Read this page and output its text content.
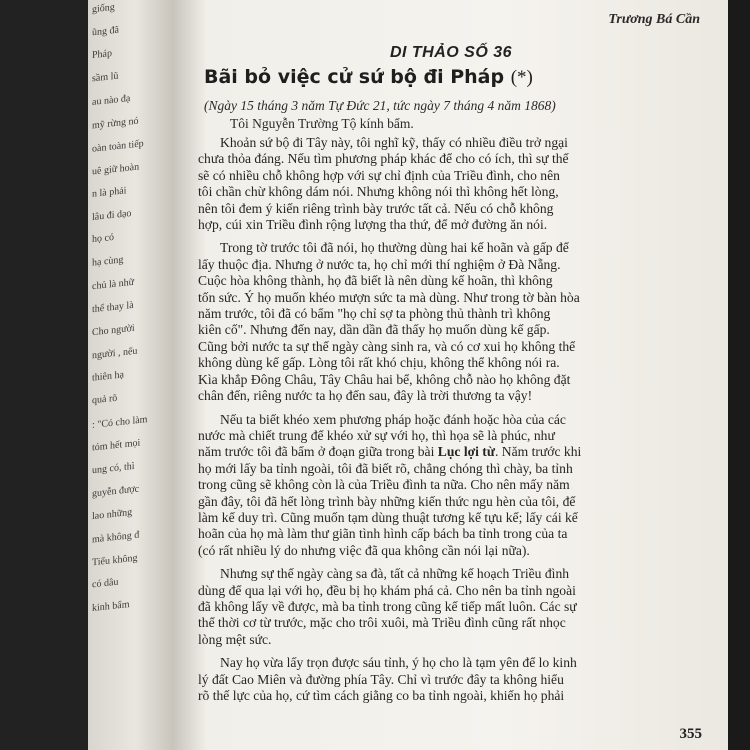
giống
ũng đã
Pháp
sầm lũ
au nào đạ
mỹ rừng nó
oàn toàn tiếp
uê giữ hoàn
n là phải
lâu đi dạo
họ có
hạ cùng
chủ là nhữ
thể thay là
Cho người
người , nếu
thiên hạ
quả rõ
: "Có cho làm
tóm hết mọi
ung có, thì
guyễn được
lao những
mà không đ
Tiểu không
có dâu
kinh bẩm
Trương Bá Cần
DI THẢO SỐ 36
Bãi bỏ việc cử sứ bộ đi Pháp (*)
(Ngày 15 tháng 3 năm Tự Đức 21, tức ngày 7 tháng 4 năm 1868)
Tôi Nguyễn Trường Tộ kính bẩm.
Khoản sứ bộ đi Tây này, tôi nghĩ kỹ, thấy có nhiều điều trở ngại
chưa thỏa đáng. Nếu tìm phương pháp khác để cho có ích, thì sự thế
sẽ có nhiều chỗ không hợp với sự chỉ định của Triều đình, cho nên
tôi chần chừ không dám nói. Nhưng không nói thì không hết lòng,
nên tôi đem ý kiến riêng trình bày trước tất cả. Nếu có chỗ không
hợp, cúi xin Triều đình rộng lượng tha thứ, để mở đường ăn nói.
Trong tờ trước tôi đã nói, họ thường dùng hai kế hoãn và gấp để
lấy thuộc địa. Nhưng ở nước ta, họ chỉ mới thí nghiệm ở Đà Nẵng.
Cuộc hòa không thành, họ đã biết là nên dùng kế hoãn, thì không
tốn sức. Ý họ muốn khéo mượn sức ta mà dùng. Như trong tờ bàn hòa
năm trước, tôi đã có bẩm "họ chỉ sợ ta phòng thủ thành trì không
kiên cố". Nhưng đến nay, dần dần đã thấy họ muốn dùng kế gấp.
Cũng bởi nước ta sự thế ngày càng sinh ra, và có cơ xui họ không thể
không dùng kế gấp. Lòng tôi rất khó chịu, không thể không nói ra.
Kìa khắp Đông Châu, Tây Châu hai bể, không chỗ nào họ không đặt
chân đến, riêng nước ta họ đến sau, đây là trời thương ta vậy!
Nếu ta biết khéo xem phương pháp hoặc đánh hoặc hòa của các
nước mà chiết trung để khéo xử sự với họ, thì họa sẽ là phúc, như
năm trước tôi đã bẩm ở đoạn giữa trong bài Lục lợi từ. Năm trước khi
họ mới lấy ba tỉnh ngoài, tôi đã biết rõ, chẳng chóng thì chày, ba tỉnh
trong cũng sẽ không còn là của Triều đình ta nữa. Cho nên mấy năm
gần đây, tôi đã hết lòng trình bày những kiến thức ngu hèn của tôi, để
làm kế duy trì. Cũng muốn tạm dùng thuật tương kế tựu kế; lấy cái kế
hoãn của họ mà làm thư giãn tình hình cấp bách ba tỉnh trong của ta
(có rất nhiều lý do nhưng việc đã qua không cần nói lại nữa).
Nhưng sự thế ngày càng sa đà, tất cả những kế hoạch Triều đình
dùng để qua lại với họ, đều bị họ khám phá cả. Cho nên ba tỉnh ngoài
đã không lấy về được, mà ba tỉnh trong cũng kế tiếp mất luôn. Các sự
thể thời cơ từ trước, mặc cho trôi xuôi, mà Triều đình cũng rất nhọc
lòng mệt sức.
Nay họ vừa lấy trọn được sáu tỉnh, ý họ cho là tạm yên để lo kinh
lý đất Cao Miên và đường phía Tây. Chỉ vì trước đây ta không hiểu
rõ thế lực của họ, cứ tìm cách giằng co ba tỉnh ngoài, khiến họ phải
355
